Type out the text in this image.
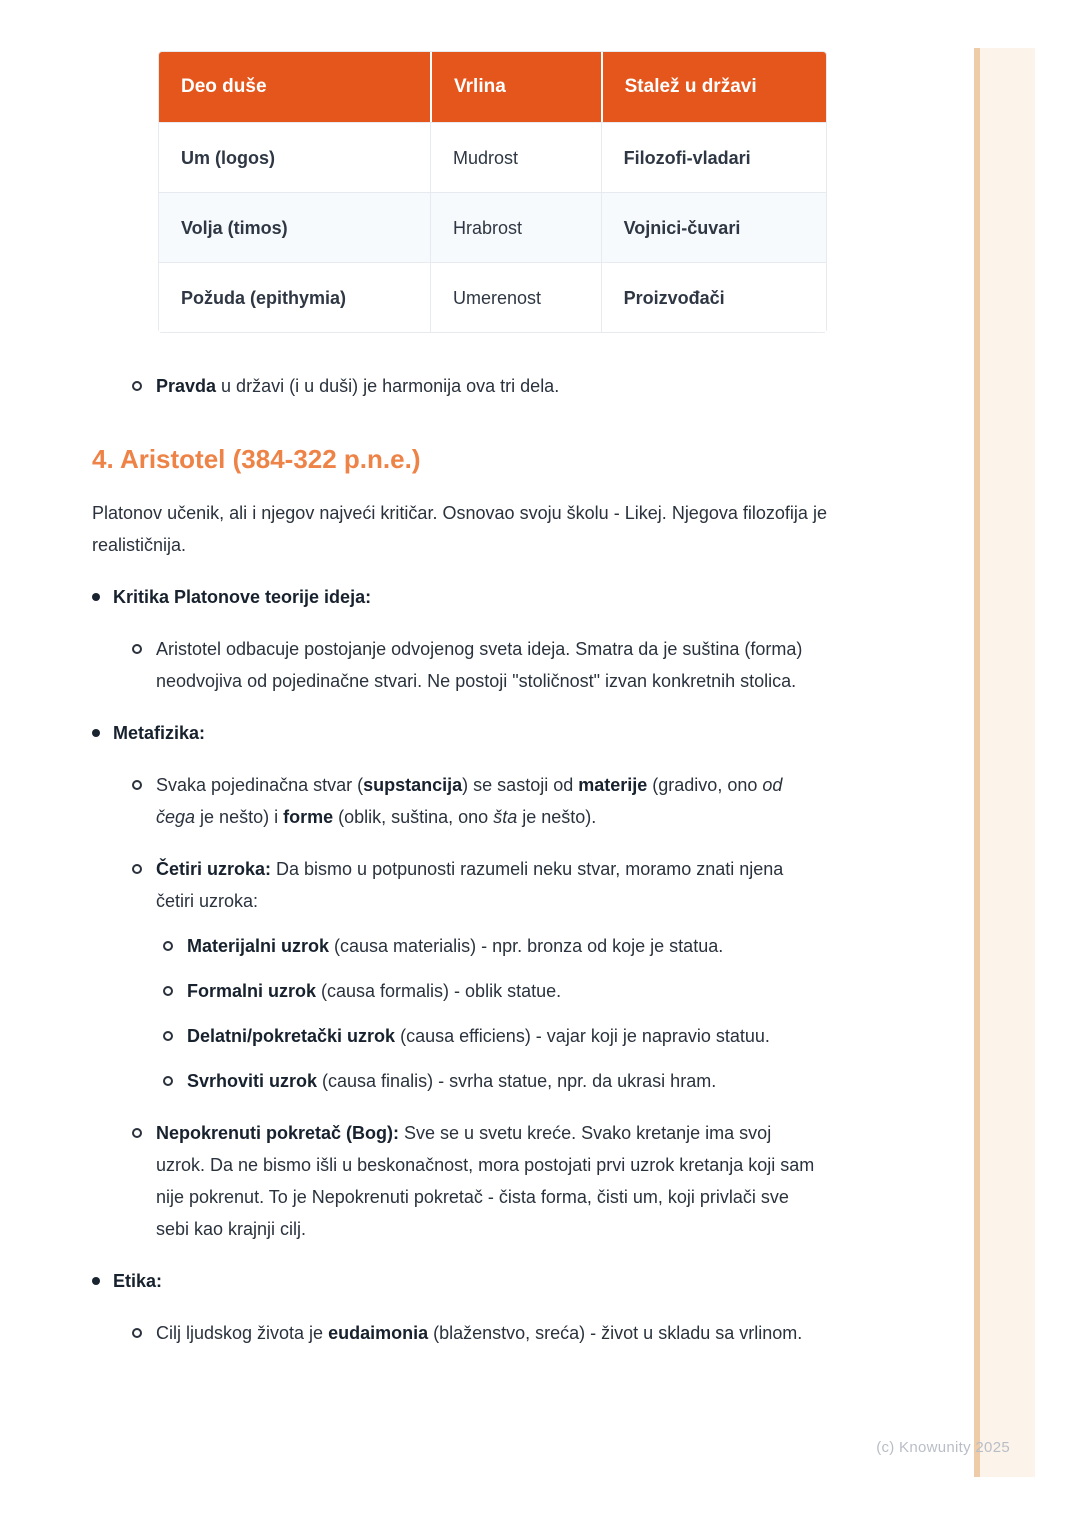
Deo duše	Vrlina	Stalež u državi
Um (logos)	Mudrost	Filozofi-vladari
Volja (timos)	Hrabrost	Vojnici-čuvari
Požuda (epithymia)	Umerenost	Proizvođači
Pravda u državi (i u duši) je harmonija ova tri dela.
4. Aristotel (384-322 p.n.e.)

Platonov učenik, ali i njegov najveći kritičar. Osnovao svoju školu - Likej. Njegova filozofija je realističnija.

Kritika Platonove teorije ideja:
Aristotel odbacuje postojanje odvojenog sveta ideja. Smatra da je suština (forma) neodvojiva od pojedinačne stvari. Ne postoji "stoličnost" izvan konkretnih stolica.
Metafizika:
Svaka pojedinačna stvar (supstancija) se sastoji od materije (gradivo, ono od čega je nešto) i forme (oblik, suština, ono šta je nešto).
Četiri uzroka: Da bismo u potpunosti razumeli neku stvar, moramo znati njena četiri uzroka:
Materijalni uzrok (causa materialis) - npr. bronza od koje je statua.
Formalni uzrok (causa formalis) - oblik statue.
Delatni/pokretački uzrok (causa efficiens) - vajar koji je napravio statuu.
Svrhoviti uzrok (causa finalis) - svrha statue, npr. da ukrasi hram.
Nepokrenuti pokretač (Bog): Sve se u svetu kreće. Svako kretanje ima svoj uzrok. Da ne bismo išli u beskonačnost, mora postojati prvi uzrok kretanja koji sam nije pokrenut. To je Nepokrenuti pokretač - čista forma, čisti um, koji privlači sve sebi kao krajnji cilj.
Etika:
Cilj ljudskog života je eudaimonia (blaženstvo, sreća) - život u skladu sa vrlinom.
(c) Knowunity 2025
